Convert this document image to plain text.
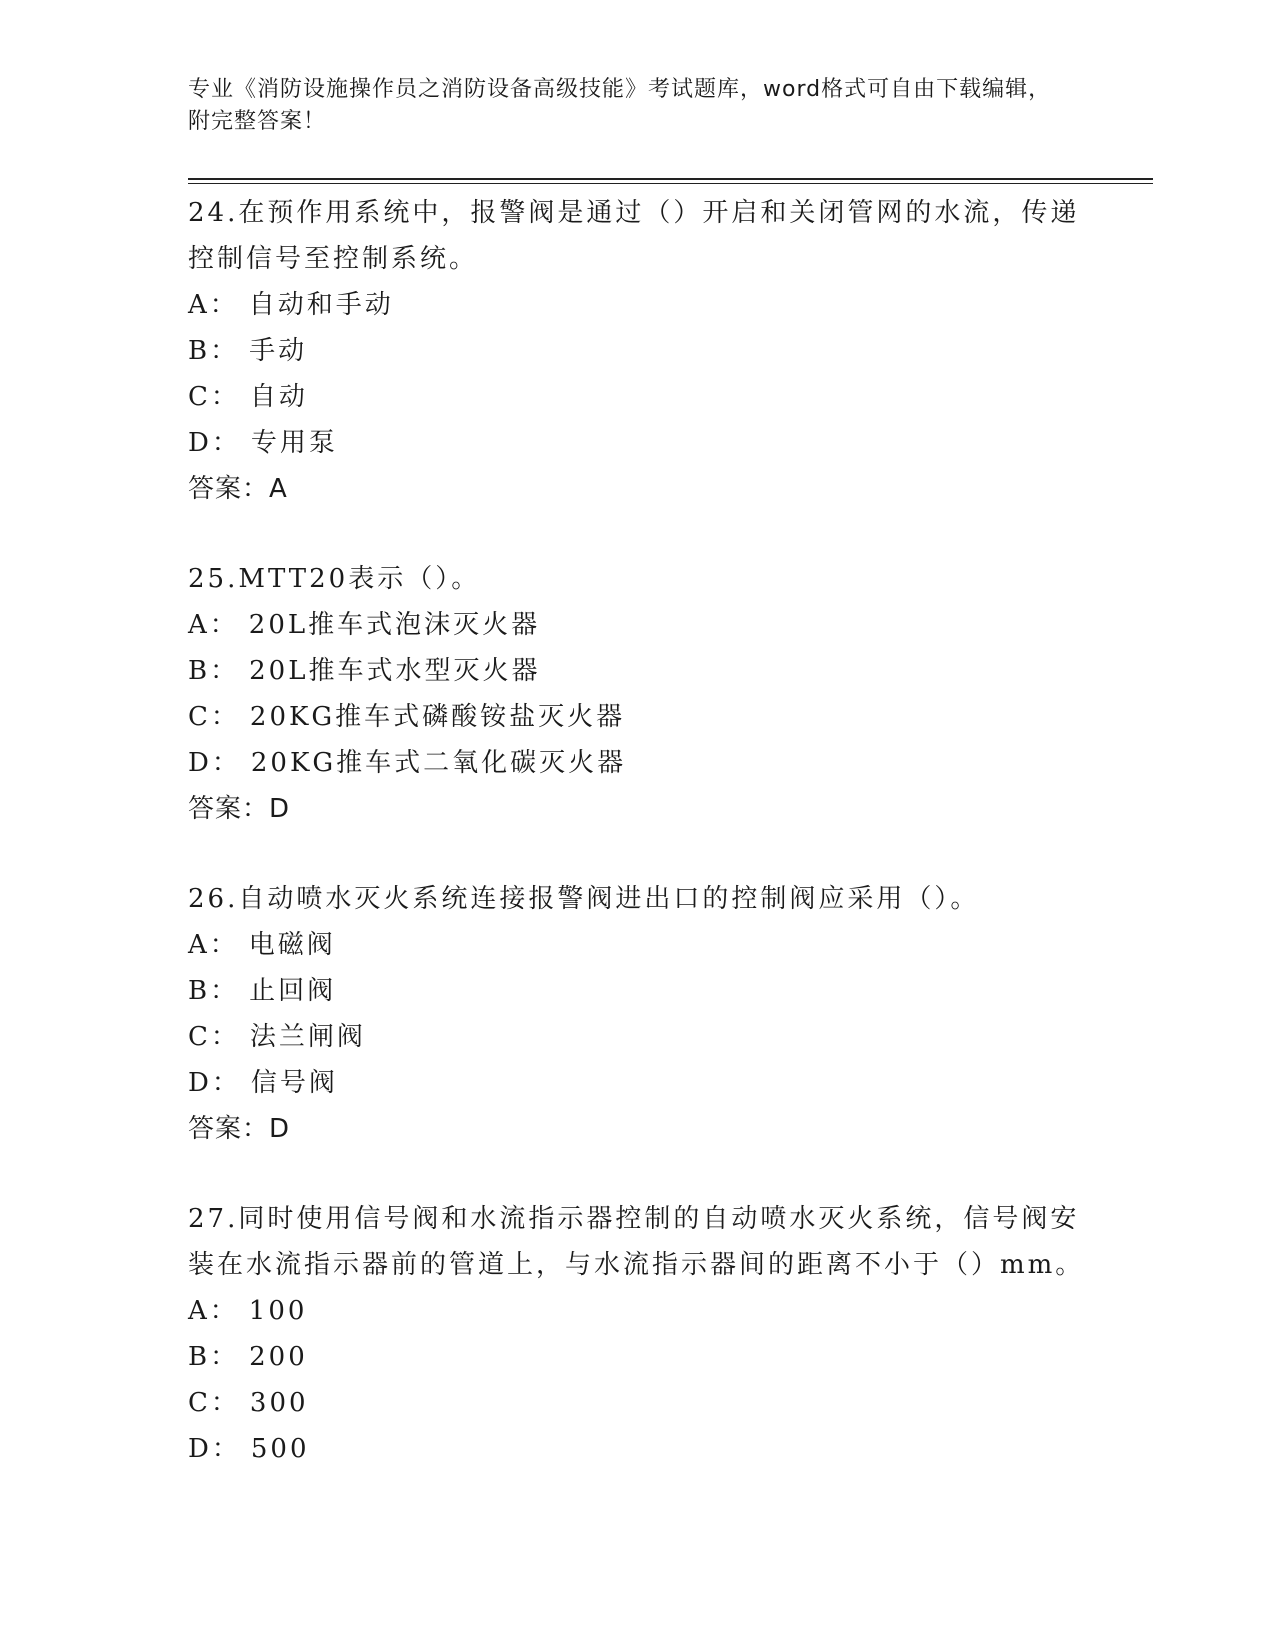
专业《消防设施操作员之消防设备高级技能》考试题库，word格式可自由下载编辑，附完整答案！

24.在预作用系统中，报警阀是通过（）开启和关闭管网的水流，传递控制信号至控制系统。

A： 自动和手动

B： 手动

C： 自动

D： 专用泵

答案：A

25.MTT20表示（）。

A： 20L推车式泡沫灭火器

B： 20L推车式水型灭火器

C： 20KG推车式磷酸铵盐灭火器

D： 20KG推车式二氧化碳灭火器

答案：D

26.自动喷水灭火系统连接报警阀进出口的控制阀应采用（）。

A： 电磁阀

B： 止回阀

C： 法兰闸阀

D： 信号阀

答案：D

27.同时使用信号阀和水流指示器控制的自动喷水灭火系统，信号阀安装在水流指示器前的管道上，与水流指示器间的距离不小于（）mm。

A： 100

B： 200

C： 300

D： 500
